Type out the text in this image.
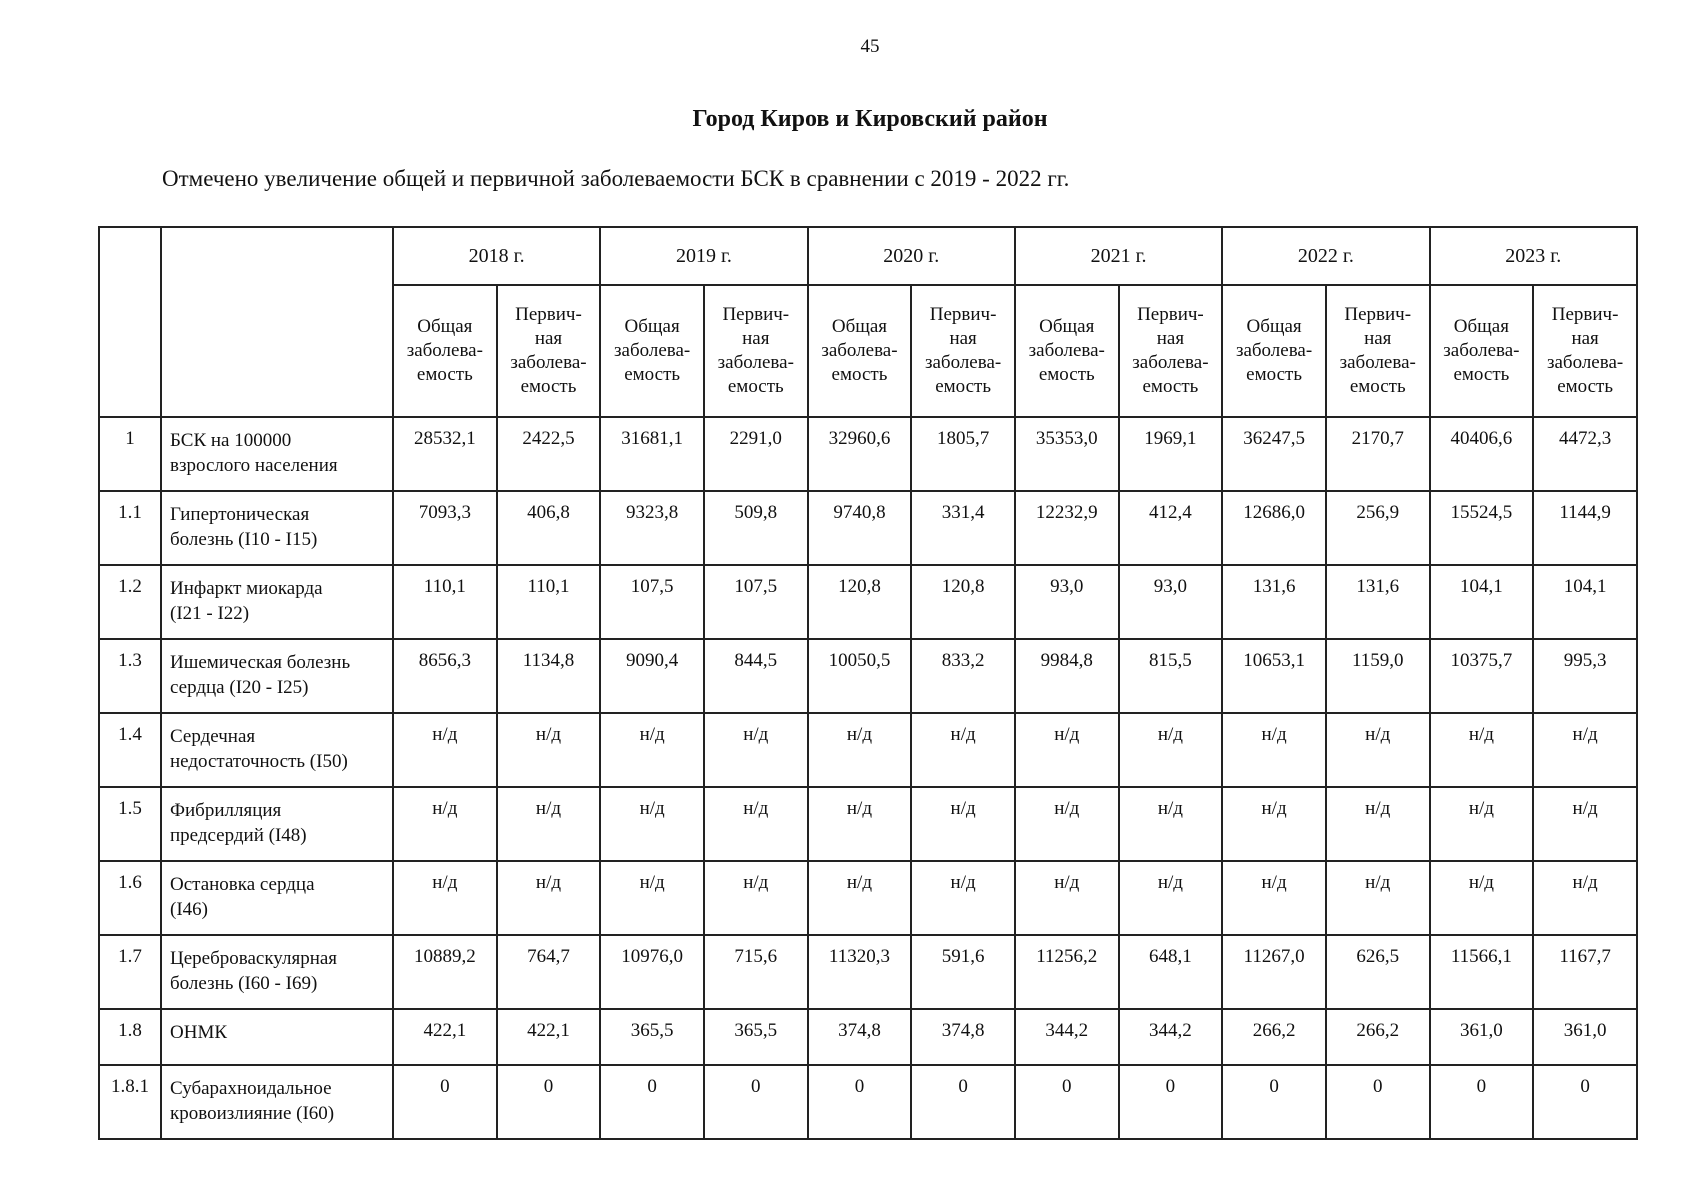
45
Город Киров и Кировский район
Отмечено увеличение общей и первичной заболеваемости БСК в сравнении с 2019 - 2022 гг.
		2018 г.		2019 г.		2020 г.		2021 г.		2022 г.		2023 г.	
		Общая
заболева-
емость	Первич-
ная
заболева-
емость	Общая
заболева-
емость	Первич-
ная
заболева-
емость	Общая
заболева-
емость	Первич-
ная
заболева-
емость	Общая
заболева-
емость	Первич-
ная
заболева-
емость	Общая
заболева-
емость	Первич-
ная
заболева-
емость	Общая
заболева-
емость	Первич-
ная
заболева-
емость
1	БСК на 100000
взрослого населения	28532,1	2422,5	31681,1	2291,0	32960,6	1805,7	35353,0	1969,1	36247,5	2170,7	40406,6	4472,3
1.1	Гипертоническая
болезнь (I10 - I15)	7093,3	406,8	9323,8	509,8	9740,8	331,4	12232,9	412,4	12686,0	256,9	15524,5	1144,9
1.2	Инфаркт миокарда
(I21 - I22)	110,1	110,1	107,5	107,5	120,8	120,8	93,0	93,0	131,6	131,6	104,1	104,1
1.3	Ишемическая болезнь
сердца (I20 - I25)	8656,3	1134,8	9090,4	844,5	10050,5	833,2	9984,8	815,5	10653,1	1159,0	10375,7	995,3
1.4	Сердечная
недостаточность (I50)	н/д	н/д	н/д	н/д	н/д	н/д	н/д	н/д	н/д	н/д	н/д	н/д
1.5	Фибрилляция
предсердий (I48)	н/д	н/д	н/д	н/д	н/д	н/д	н/д	н/д	н/д	н/д	н/д	н/д
1.6	Остановка сердца
(I46)	н/д	н/д	н/д	н/д	н/д	н/д	н/д	н/д	н/д	н/д	н/д	н/д
1.7	Цереброваскулярная
болезнь (I60 - I69)	10889,2	764,7	10976,0	715,6	11320,3	591,6	11256,2	648,1	11267,0	626,5	11566,1	1167,7
1.8	ОНМК	422,1	422,1	365,5	365,5	374,8	374,8	344,2	344,2	266,2	266,2	361,0	361,0
1.8.1	Субарахноидальное
кровоизлияние (I60)	0	0	0	0	0	0	0	0	0	0	0	0
